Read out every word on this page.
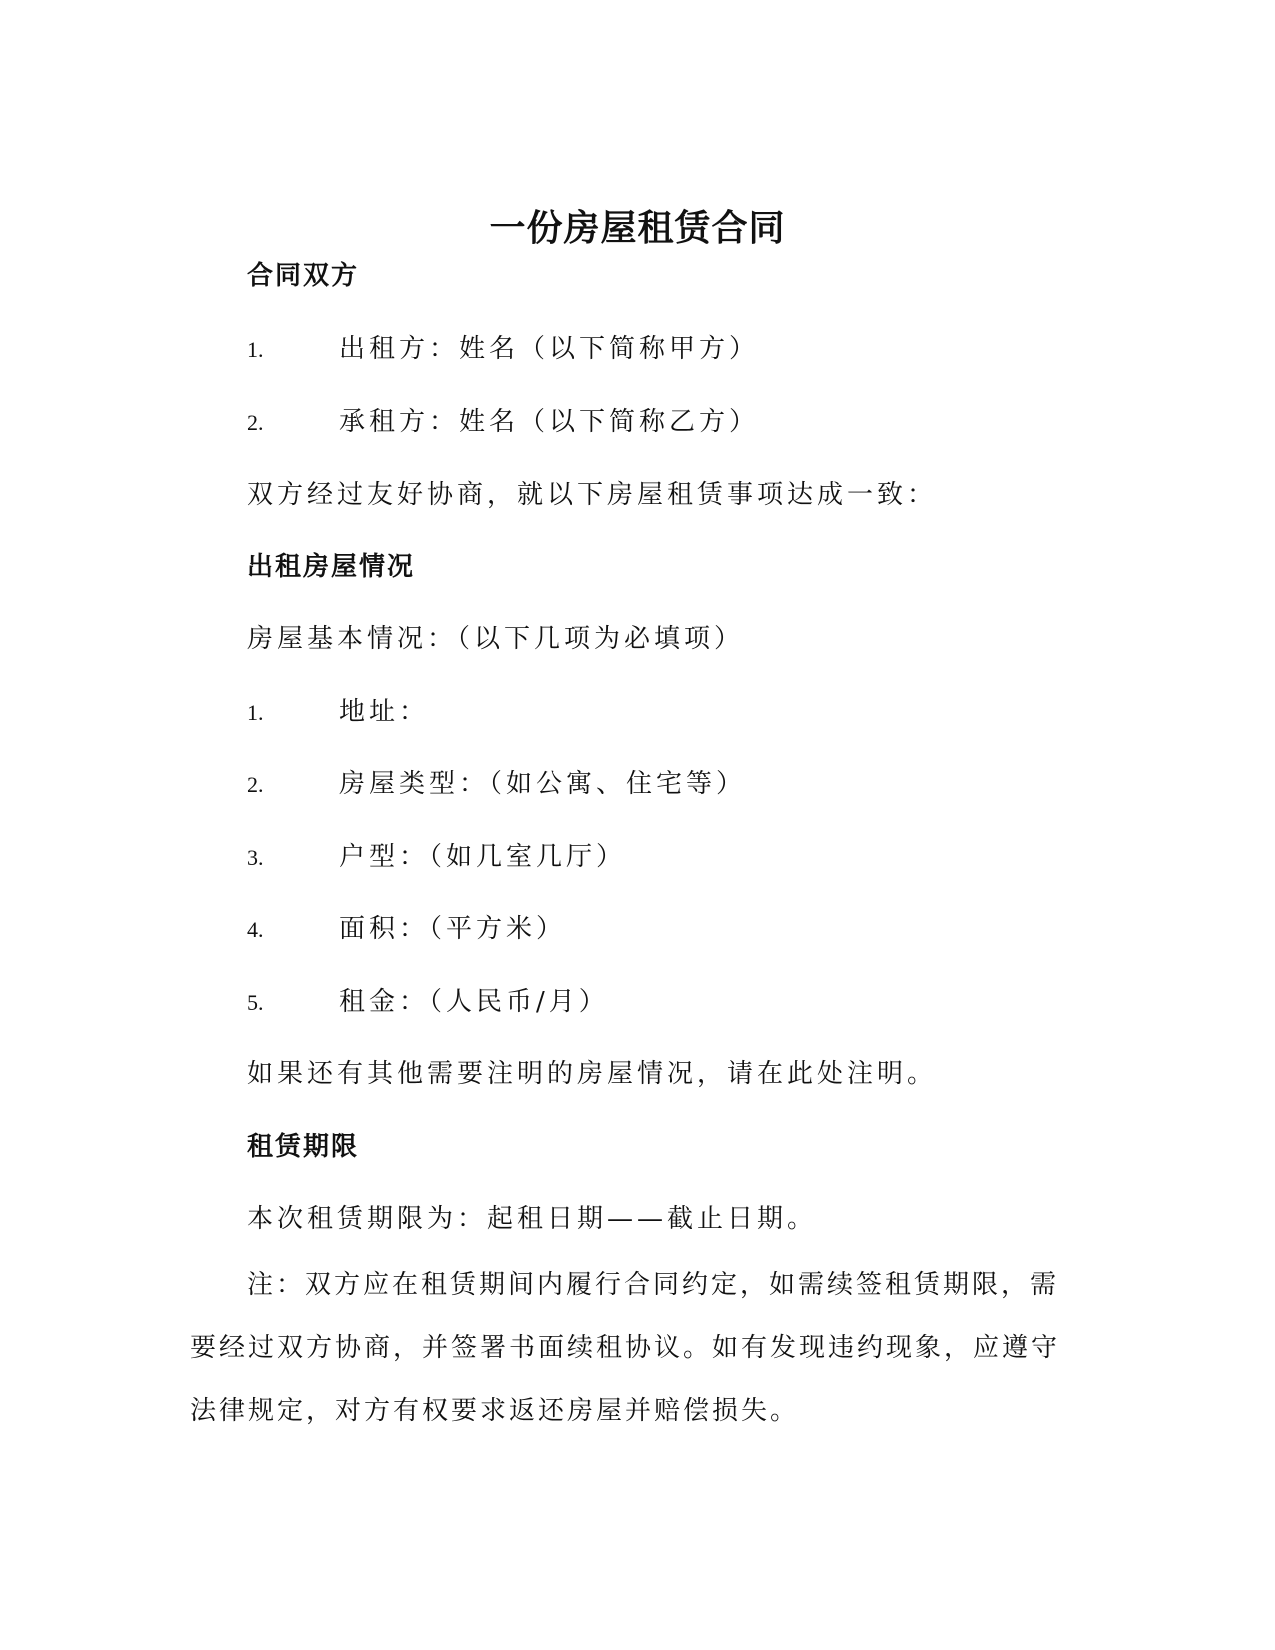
一份房屋租赁合同
合同双方
1.	出租方：姓名（以下简称甲方）
2.	承租方：姓名（以下简称乙方）
双方经过友好协商，就以下房屋租赁事项达成一致：
出租房屋情况
房屋基本情况：（以下几项为必填项）
1.	地址：
2.	房屋类型：（如公寓、住宅等）
3.	户型：（如几室几厅）
4.	面积：（平方米）
5.	租金：（人民币/月）
如果还有其他需要注明的房屋情况，请在此处注明。
租赁期限
本次租赁期限为：起租日期——截止日期。
注：双方应在租赁期间内履行合同约定，如需续签租赁期限，需要经过双方协商，并签署书面续租协议。如有发现违约现象，应遵守法律规定，对方有权要求返还房屋并赔偿损失。
